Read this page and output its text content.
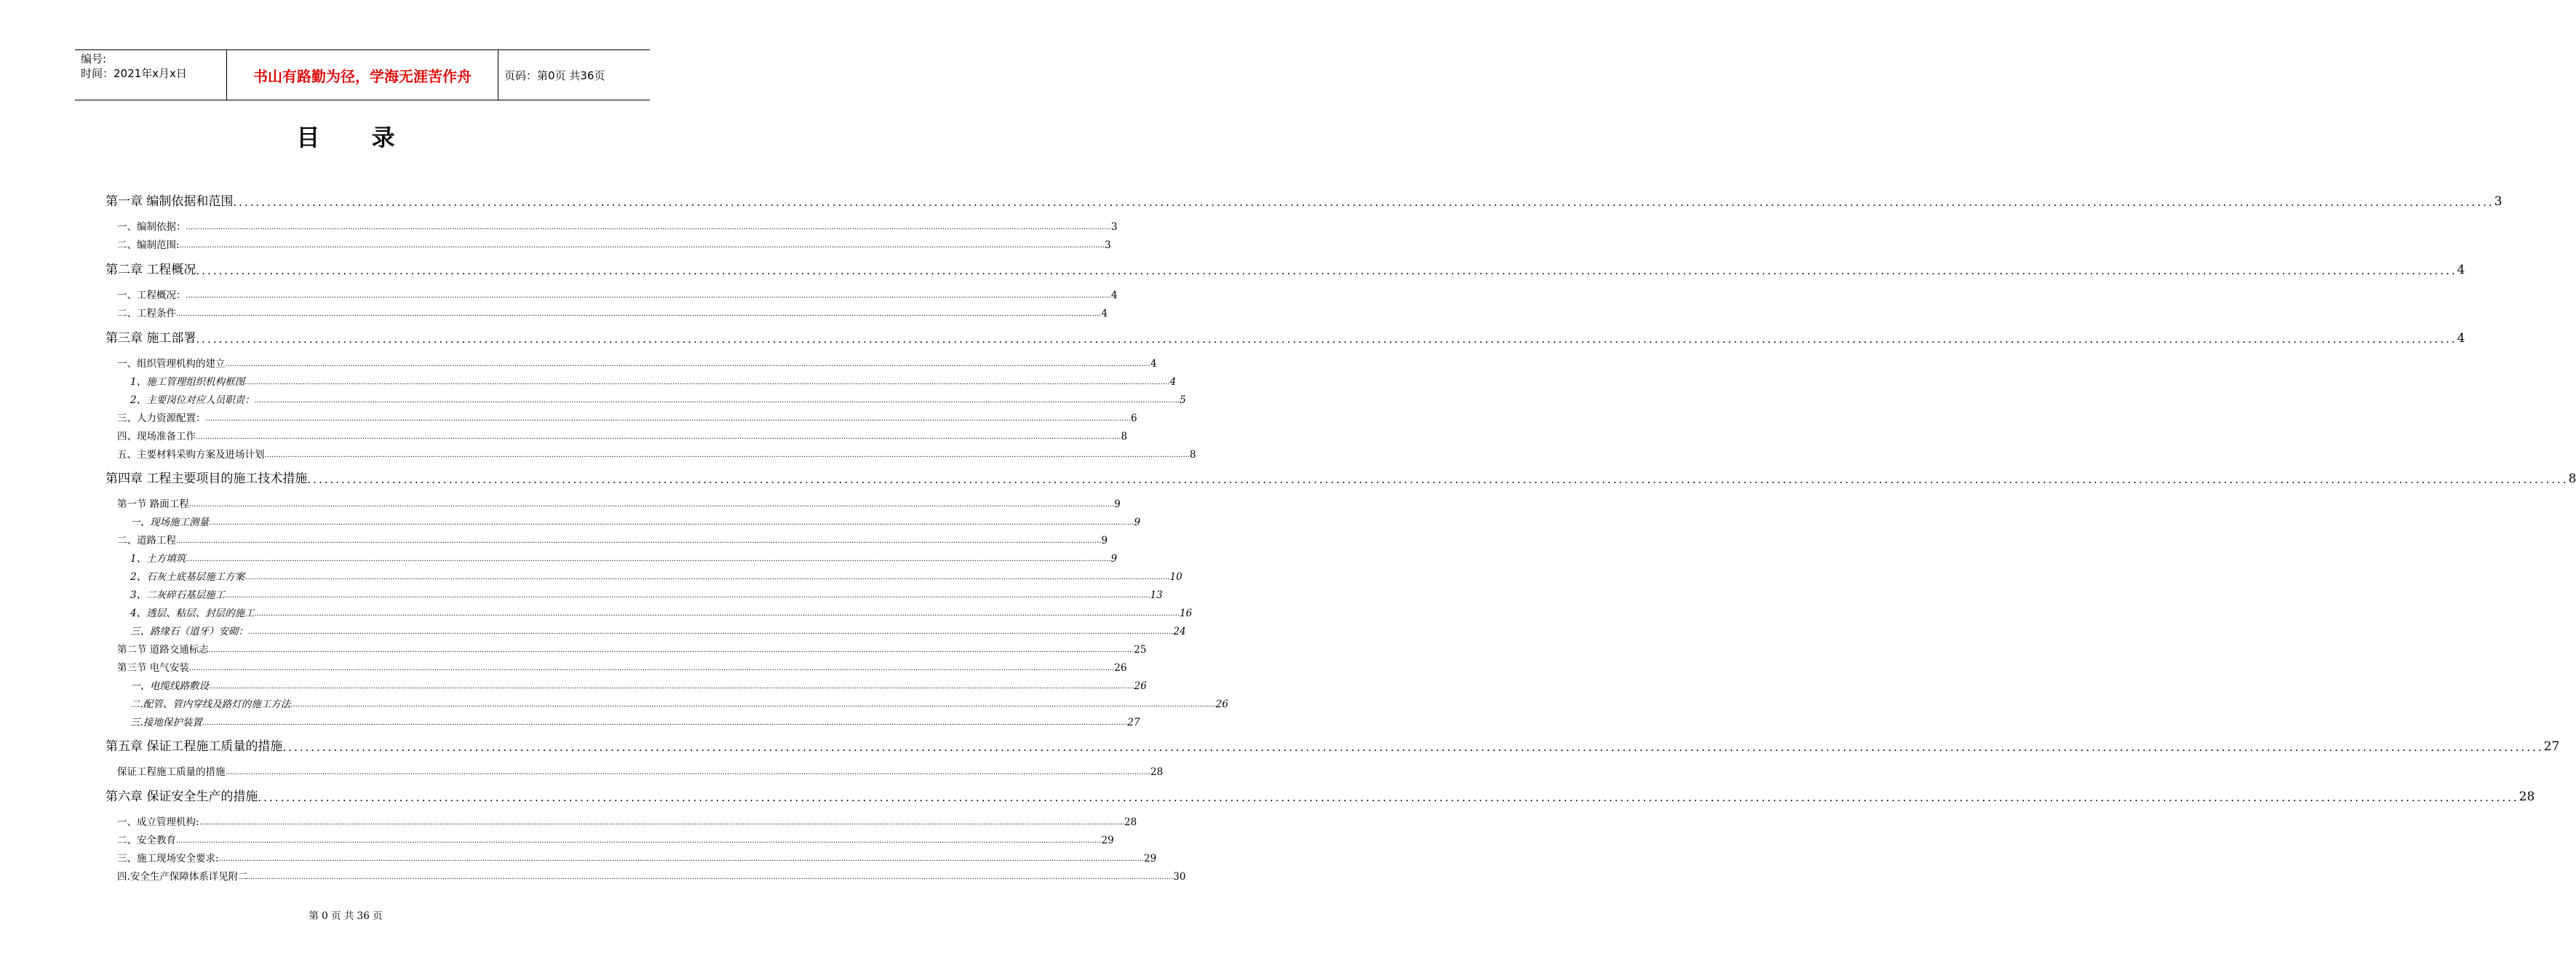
编号:
时间：2021年x月x日	书山有路勤为径，学海无涯苦作舟	页码：第0页 共36页
目 录
第一章 编制依据和范围 ................................................................................................................................................................................................................................................................................................................................................................................................................ 3
一、编制依据： ................................................................................................................................................................................................................................................................................................................................................................................................................ 3
二、编制范围: ................................................................................................................................................................................................................................................................................................................................................................................................................ 3
第二章 工程概况 ................................................................................................................................................................................................................................................................................................................................................................................................................ 4
一、工程概况： ................................................................................................................................................................................................................................................................................................................................................................................................................ 4
二、工程条件 ................................................................................................................................................................................................................................................................................................................................................................................................................ 4
第三章 施工部署 ................................................................................................................................................................................................................................................................................................................................................................................................................ 4
一、组织管理机构的建立 ................................................................................................................................................................................................................................................................................................................................................................................................................ 4
1、施工管理组织机构框图 ................................................................................................................................................................................................................................................................................................................................................................................................................ 4
2、主要岗位对应人员职责： ................................................................................................................................................................................................................................................................................................................................................................................................................ 5
三、人力资源配置： ................................................................................................................................................................................................................................................................................................................................................................................................................ 6
四、现场准备工作 ................................................................................................................................................................................................................................................................................................................................................................................................................ 8
五、主要材料采购方案及进场计划 ................................................................................................................................................................................................................................................................................................................................................................................................................ 8
第四章 工程主要项目的施工技术措施 ................................................................................................................................................................................................................................................................................................................................................................................................................ 8
第一节 路面工程 ................................................................................................................................................................................................................................................................................................................................................................................................................ 9
一、现场施工测量 ................................................................................................................................................................................................................................................................................................................................................................................................................ 9
二、道路工程 ................................................................................................................................................................................................................................................................................................................................................................................................................ 9
1、土方填筑 ................................................................................................................................................................................................................................................................................................................................................................................................................ 9
2、石灰土底基层施工方案 ................................................................................................................................................................................................................................................................................................................................................................................................................ 10
3、二灰碎石基层施工 ................................................................................................................................................................................................................................................................................................................................................................................................................ 13
4、透层、粘层、封层的施工 ................................................................................................................................................................................................................................................................................................................................................................................................................ 16
三、路缘石（道牙）安砌： ................................................................................................................................................................................................................................................................................................................................................................................................................ 24
第二节 道路交通标志 ................................................................................................................................................................................................................................................................................................................................................................................................................ 25
第三节 电气安装 ................................................................................................................................................................................................................................................................................................................................................................................................................ 26
一、电缆线路敷设 ................................................................................................................................................................................................................................................................................................................................................................................................................ 26
二.配管、管内穿线及路灯的施工方法 ................................................................................................................................................................................................................................................................................................................................................................................................................ 26
三.接地保护装置 ................................................................................................................................................................................................................................................................................................................................................................................................................ 27
第五章 保证工程施工质量的措施 ................................................................................................................................................................................................................................................................................................................................................................................................................ 27
保证工程施工质量的措施 ................................................................................................................................................................................................................................................................................................................................................................................................................ 28
第六章 保证安全生产的措施 ................................................................................................................................................................................................................................................................................................................................................................................................................ 28
一、成立管理机构: ................................................................................................................................................................................................................................................................................................................................................................................................................ 28
二、安全教育 ................................................................................................................................................................................................................................................................................................................................................................................................................ 29
三、施工现场安全要求: ................................................................................................................................................................................................................................................................................................................................................................................................................ 29
四.安全生产保障体系详见附二 ................................................................................................................................................................................................................................................................................................................................................................................................................ 30
第 0 页 共 36 页
